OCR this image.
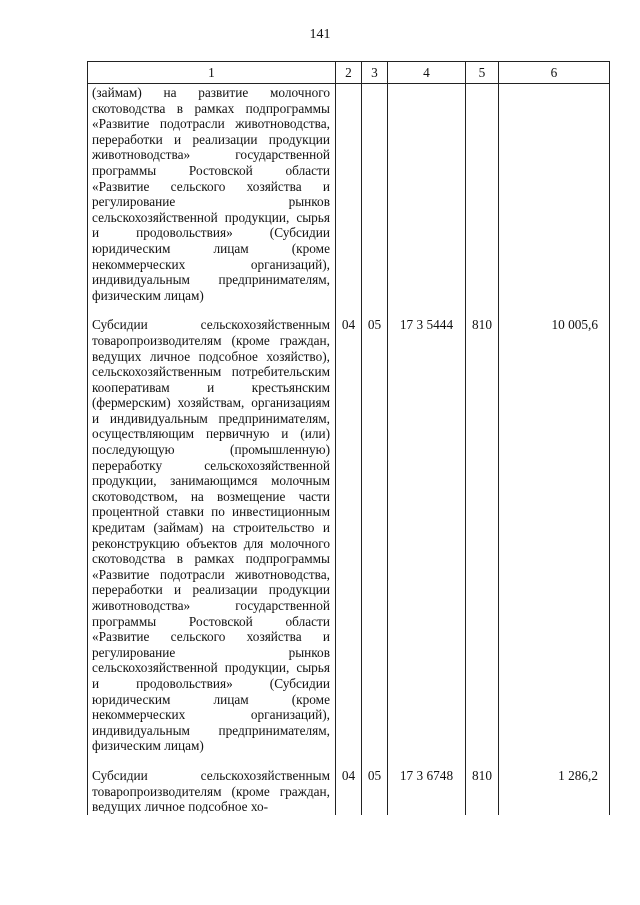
141
1	2	3	4	5	6
(займам) на развитие молочного скотоводства в рамках подпрограммы «Развитие подотрасли животноводства, переработки и реализации продукции животноводства» государственной программы Ростовской области «Развитие сельского хозяйства и регулирование рынков сельскохозяйственной продукции, сырья и продовольствия» (Субсидии юридическим лицам (кроме некоммерческих организаций), индивидуальным предпринимателям, физическим лицам)					
Субсидии сельскохозяйственным товаропроизводителям (кроме граждан, ведущих личное подсобное хозяйство), сельскохозяйственным потребительским кооперативам и крестьянским (фермерским) хозяйствам, организациям и индивидуальным предпринимателям, осуществляющим первичную и (или) последующую (промышленную) переработку сельскохозяйственной продукции, занимающимся молочным скотоводством, на возмещение части процентной ставки по инвестиционным кредитам (займам) на строительство и реконструкцию объектов для молочного скотоводства в рамках подпрограммы «Развитие подотрасли животноводства, переработки и реализации продукции животноводства» государственной программы Ростовской области «Развитие сельского хозяйства и регулирование рынков сельскохозяйственной продукции, сырья и продовольствия» (Субсидии юридическим лицам (кроме некоммерческих организаций), индивидуальным предпринимателям, физическим лицам)	04	05	17 3 5444	810	10 005,6
Субсидии сельскохозяйственным товаропроизводителям (кроме граждан, ведущих личное подсобное хо-	04	05	17 3 6748	810	1 286,2
